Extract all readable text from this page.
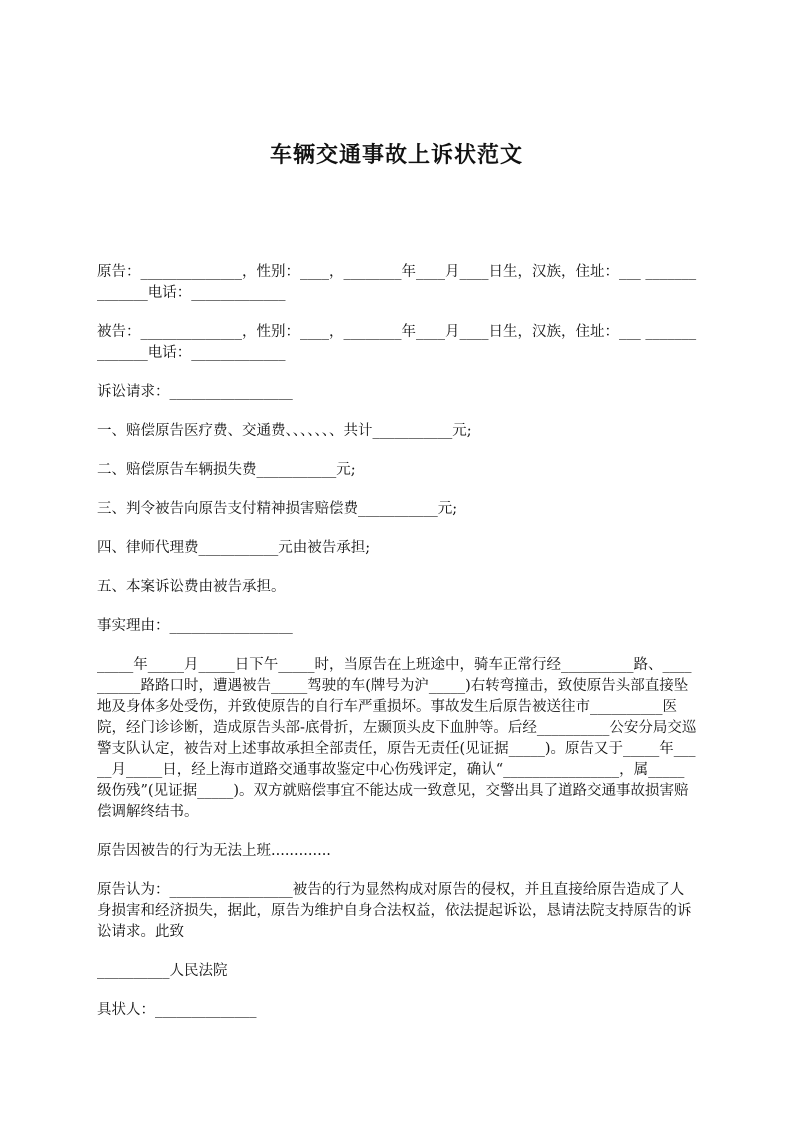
车辆交通事故上诉状范文

原告：______________，性别：____，________年____月____日生，汉族，住址：___ ______________电话：_____________

被告：______________，性别：____，________年____月____日生，汉族，住址：___ ______________电话：_____________

诉讼请求：_________________

一、赔偿原告医疗费、交通费、、、、、、、共计___________元;

二、赔偿原告车辆损失费___________元;

三、判令被告向原告支付精神损害赔偿费___________元;

四、律师代理费___________元由被告承担;

五、本案诉讼费由被告承担。

事实理由：_________________

_____年_____月_____日下午_____时，当原告在上班途中，骑车正常行经__________路、__________路路口时，遭遇被告_____驾驶的车(牌号为沪_____)右转弯撞击，致使原告头部直接坠地及身体多处受伤，并致使原告的自行车严重损坏。事故发生后原告被送往市__________医院，经门诊诊断，造成原告头部-底骨折，左颞顶头皮下血肿等。后经__________公安分局交巡警支队认定，被告对上述事故承担全部责任，原告无责任(见证据_____)。原告又于_____年_____月_____日，经上海市道路交通事故鉴定中心伤残评定，确认“________________，属_____级伤残”(见证据_____)。双方就赔偿事宜不能达成一致意见，交警出具了道路交通事故损害赔偿调解终结书。

原告因被告的行为无法上班.............

原告认为：_________________被告的行为显然构成对原告的侵权，并且直接给原告造成了人身损害和经济损失，据此，原告为维护自身合法权益，依法提起诉讼，恳请法院支持原告的诉讼请求。此致

__________人民法院

具状人：______________
